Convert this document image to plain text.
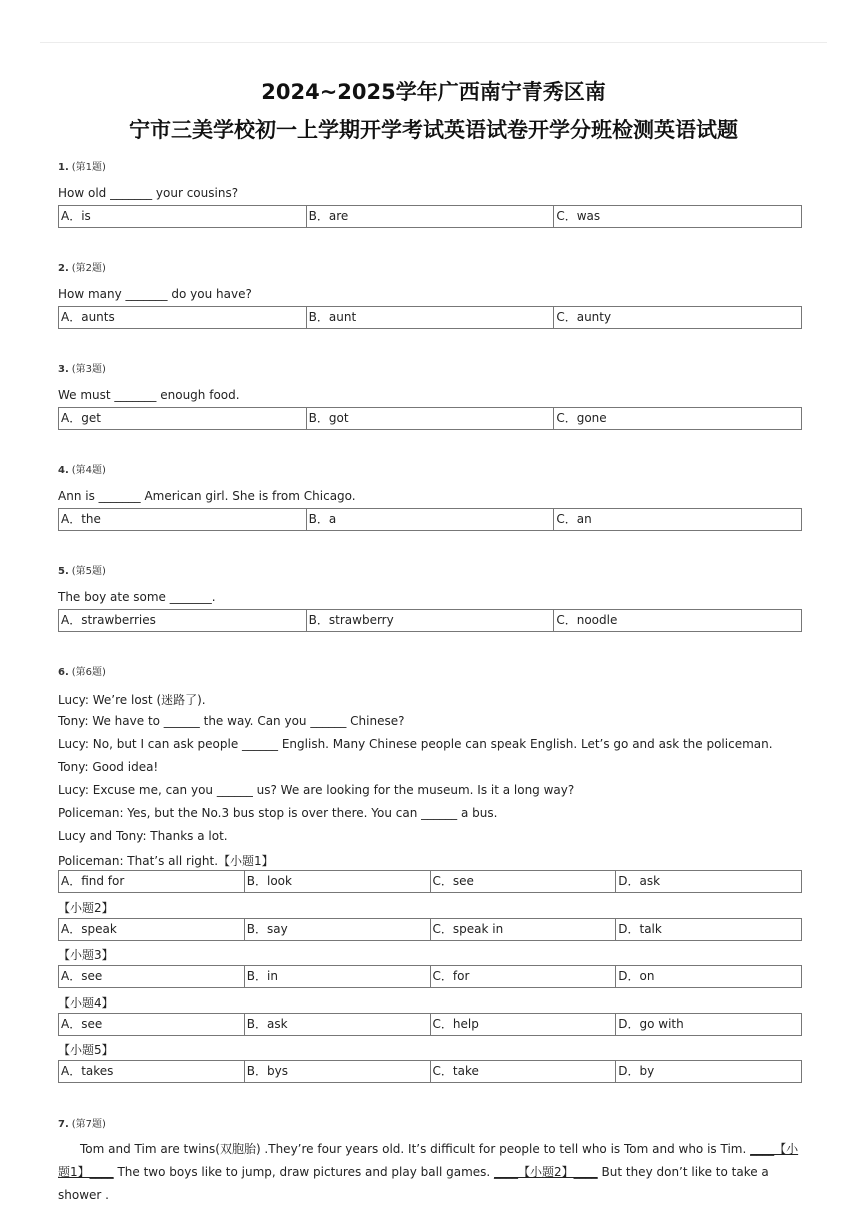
2024~2025学年广西南宁青秀区南
宁市三美学校初一上学期开学考试英语试卷开学分班检测英语试题
1. (第1题)
How old _______ your cousins?
A．is	B．are	C．was
2. (第2题)
How many _______ do you have?
A．aunts	B．aunt	C．aunty
3. (第3题)
We must _______ enough food.
A．get	B．got	C．gone
4. (第4题)
Ann is _______ American girl. She is from Chicago.
A．the	B．a	C．an
5. (第5题)
The boy ate some _______.
A．strawberries	B．strawberry	C．noodle
6. (第6题)
Lucy: We’re lost (迷路了).
Tony: We have to ______ the way. Can you ______ Chinese?
Lucy: No, but I can ask people ______ English. Many Chinese people can speak English. Let’s go and ask the policeman.
Tony: Good idea!
Lucy: Excuse me, can you ______ us? We are looking for the museum. Is it a long way?
Policeman: Yes, but the No.3 bus stop is over there. You can ______ a bus.
Lucy and Tony: Thanks a lot.
Policeman: That’s all right.【小题1】
A．find for	B．look	C．see	D．ask
【小题2】
A．speak	B．say	C．speak in	D．talk
【小题3】
A．see	B．in	C．for	D．on
【小题4】
A．see	B．ask	C．help	D．go with
【小题5】
A．takes	B．bys	C．take	D．by
7. (第7题)
Tom and Tim are twins(双胞胎) .They’re four years old. It’s difficult for people to tell who is Tom and who is Tim. ____【小题1】____ The two boys like to jump, draw pictures and play ball games. ____【小题2】____ But they don’t like to take a shower .
